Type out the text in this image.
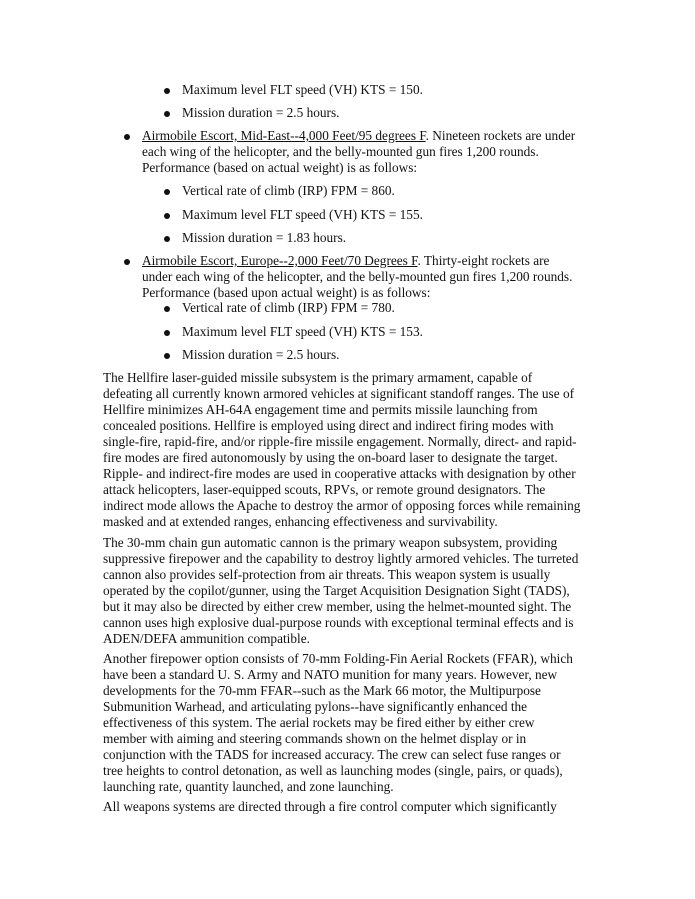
Maximum level FLT speed (VH) KTS = 150.
Mission duration = 2.5 hours.
Airmobile Escort, Mid-East--4,000 Feet/95 degrees F. Nineteen rockets are under
each wing of the helicopter, and the belly-mounted gun fires 1,200 rounds.
Performance (based on actual weight) is as follows:
Vertical rate of climb (IRP) FPM = 860.
Maximum level FLT speed (VH) KTS = 155.
Mission duration = 1.83 hours.
Airmobile Escort, Europe--2,000 Feet/70 Degrees F. Thirty-eight rockets are
under each wing of the helicopter, and the belly-mounted gun fires 1,200 rounds.
Performance (based upon actual weight) is as follows:
Vertical rate of climb (IRP) FPM = 780.
Maximum level FLT speed (VH) KTS = 153.
Mission duration = 2.5 hours.
The Hellfire laser-guided missile subsystem is the primary armament, capable of
defeating all currently known armored vehicles at significant standoff ranges. The use of
Hellfire minimizes AH-64A engagement time and permits missile launching from
concealed positions. Hellfire is employed using direct and indirect firing modes with
single-fire, rapid-fire, and/or ripple-fire missile engagement. Normally, direct- and rapid-
fire modes are fired autonomously by using the on-board laser to designate the target.
Ripple- and indirect-fire modes are used in cooperative attacks with designation by other
attack helicopters, laser-equipped scouts, RPVs, or remote ground designators. The
indirect mode allows the Apache to destroy the armor of opposing forces while remaining
masked and at extended ranges, enhancing effectiveness and survivability.
The 30-mm chain gun automatic cannon is the primary weapon subsystem, providing
suppressive firepower and the capability to destroy lightly armored vehicles. The turreted
cannon also provides self-protection from air threats. This weapon system is usually
operated by the copilot/gunner, using the Target Acquisition Designation Sight (TADS),
but it may also be directed by either crew member, using the helmet-mounted sight. The
cannon uses high explosive dual-purpose rounds with exceptional terminal effects and is
ADEN/DEFA ammunition compatible.
Another firepower option consists of 70-mm Folding-Fin Aerial Rockets (FFAR), which
have been a standard U. S. Army and NATO munition for many years. However, new
developments for the 70-mm FFAR--such as the Mark 66 motor, the Multipurpose
Submunition Warhead, and articulating pylons--have significantly enhanced the
effectiveness of this system. The aerial rockets may be fired either by either crew
member with aiming and steering commands shown on the helmet display or in
conjunction with the TADS for increased accuracy. The crew can select fuse ranges or
tree heights to control detonation, as well as launching modes (single, pairs, or quads),
launching rate, quantity launched, and zone launching.
All weapons systems are directed through a fire control computer which significantly
